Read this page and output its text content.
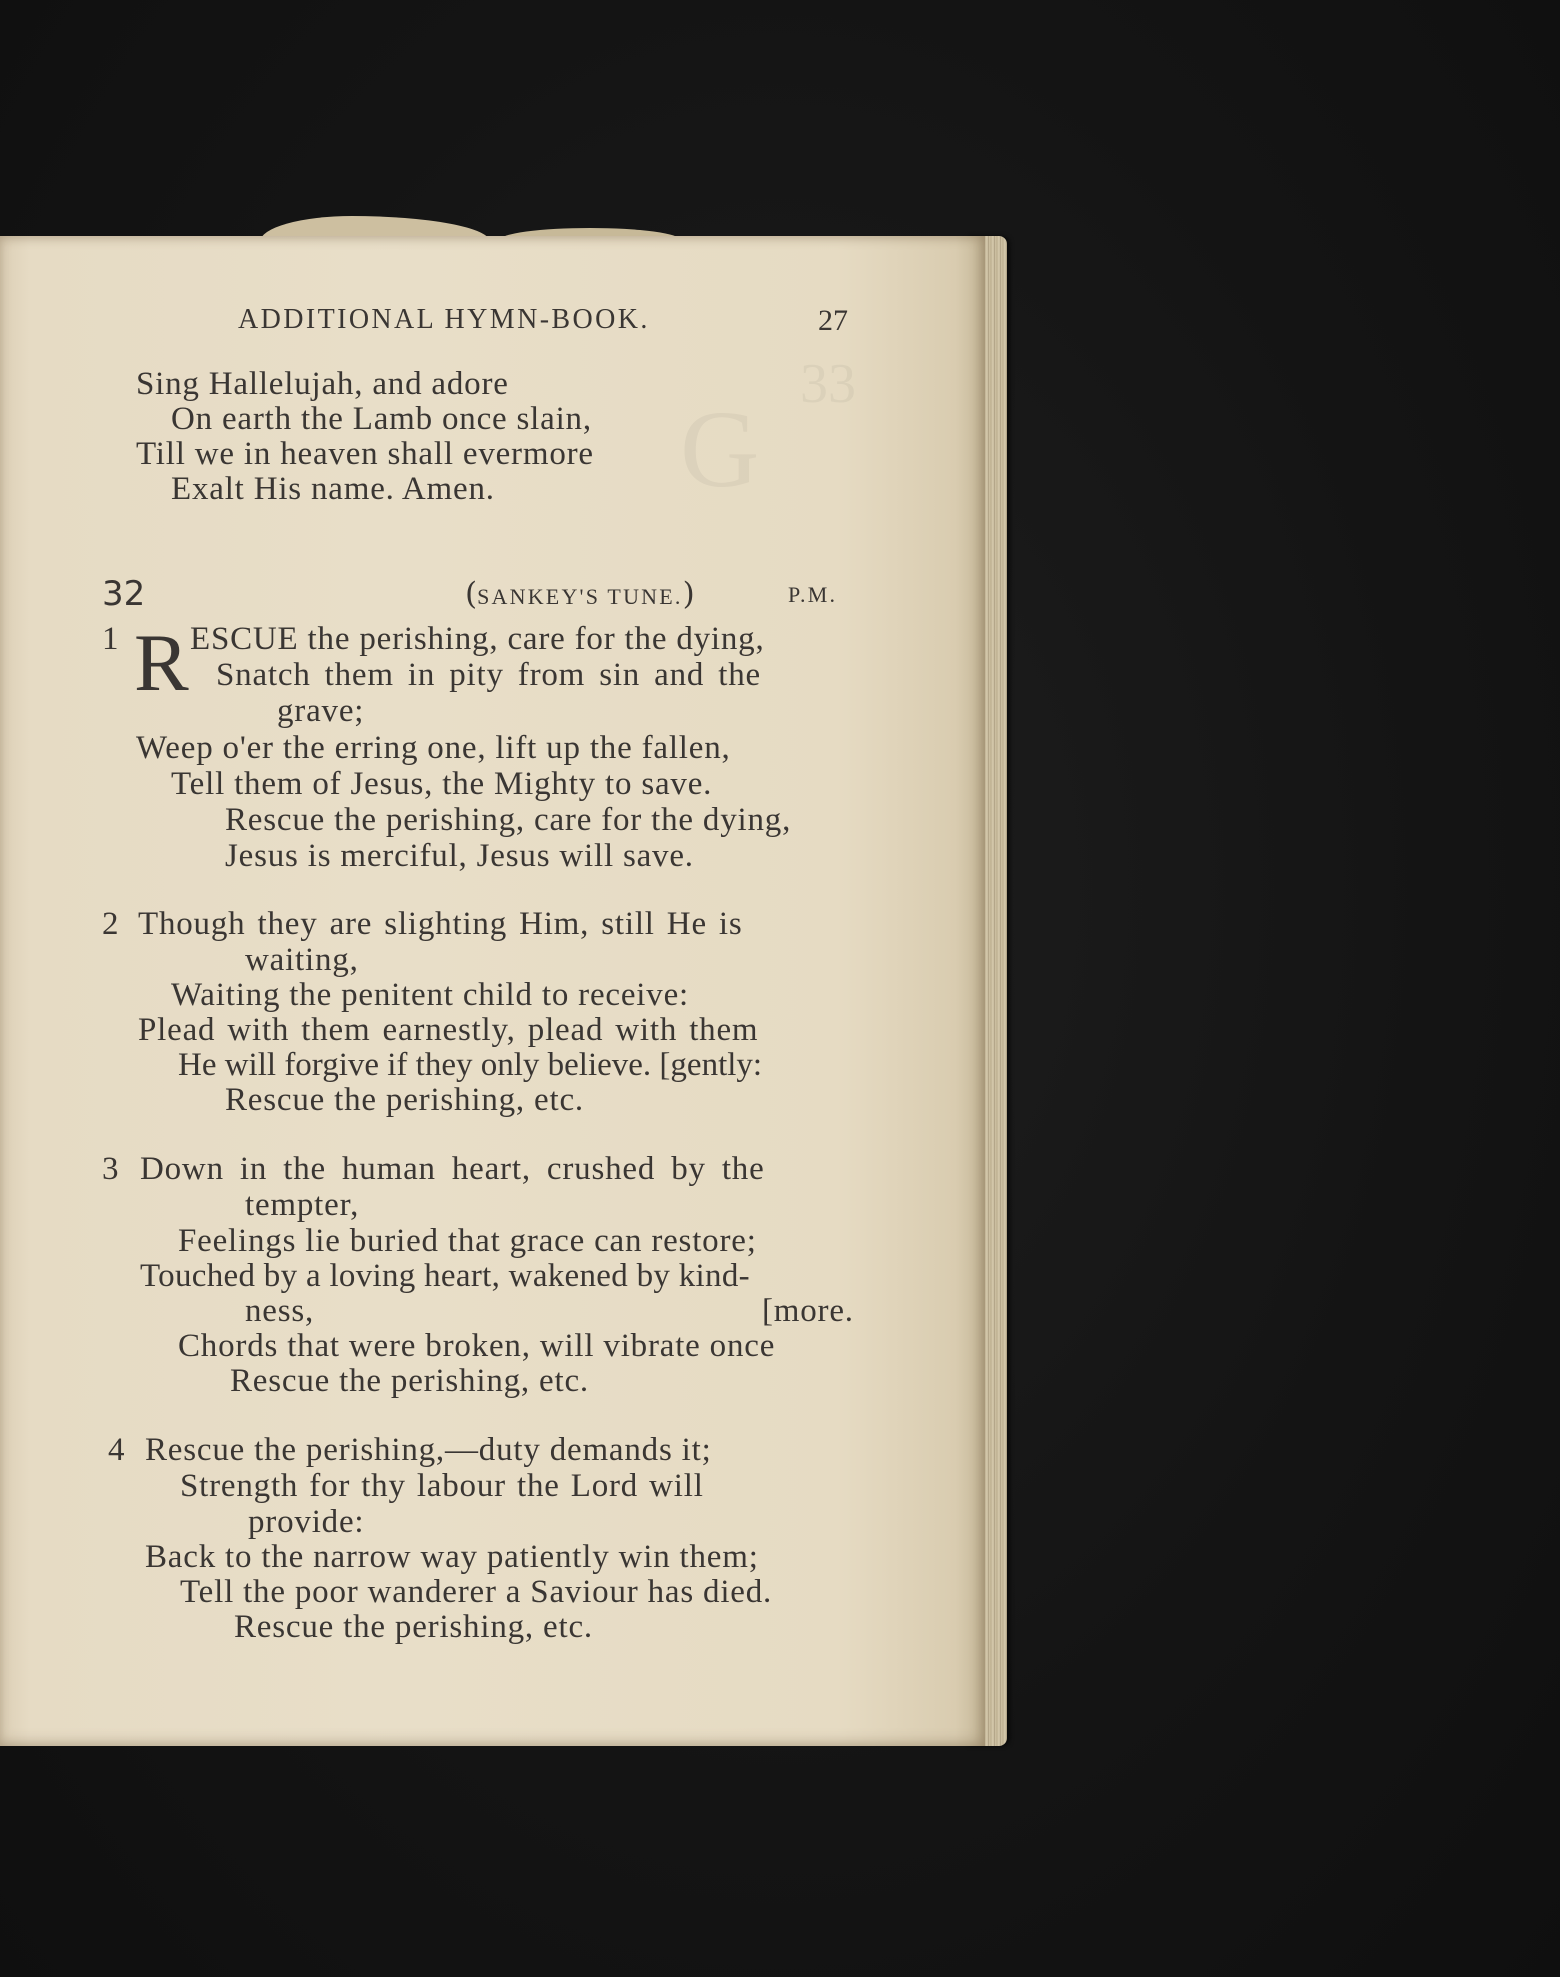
33
G
ADDITIONAL HYMN-BOOK.	27
Sing Hallelujah, and adore
On earth the Lamb once slain,
Till we in heaven shall evermore
Exalt His name. Amen.
32	(SANKEY'S TUNE.)	P.M.
1 R ESCUE the perishing, care for the dying,
Snatch them in pity from sin and the
grave;
Weep o'er the erring one, lift up the fallen,
Tell them of Jesus, the Mighty to save.
Rescue the perishing, care for the dying,
Jesus is merciful, Jesus will save.
2 Though they are slighting Him, still He is
waiting,
Waiting the penitent child to receive:
Plead with them earnestly, plead with them
He will forgive if they only believe. [gently:
Rescue the perishing, etc.
3 Down in the human heart, crushed by the
tempter,
Feelings lie buried that grace can restore;
Touched by a loving heart, wakened by kind-
ness,	[more.
Chords that were broken, will vibrate once
Rescue the perishing, etc.
4 Rescue the perishing,—duty demands it;
Strength for thy labour the Lord will
provide:
Back to the narrow way patiently win them;
Tell the poor wanderer a Saviour has died.
Rescue the perishing, etc.
